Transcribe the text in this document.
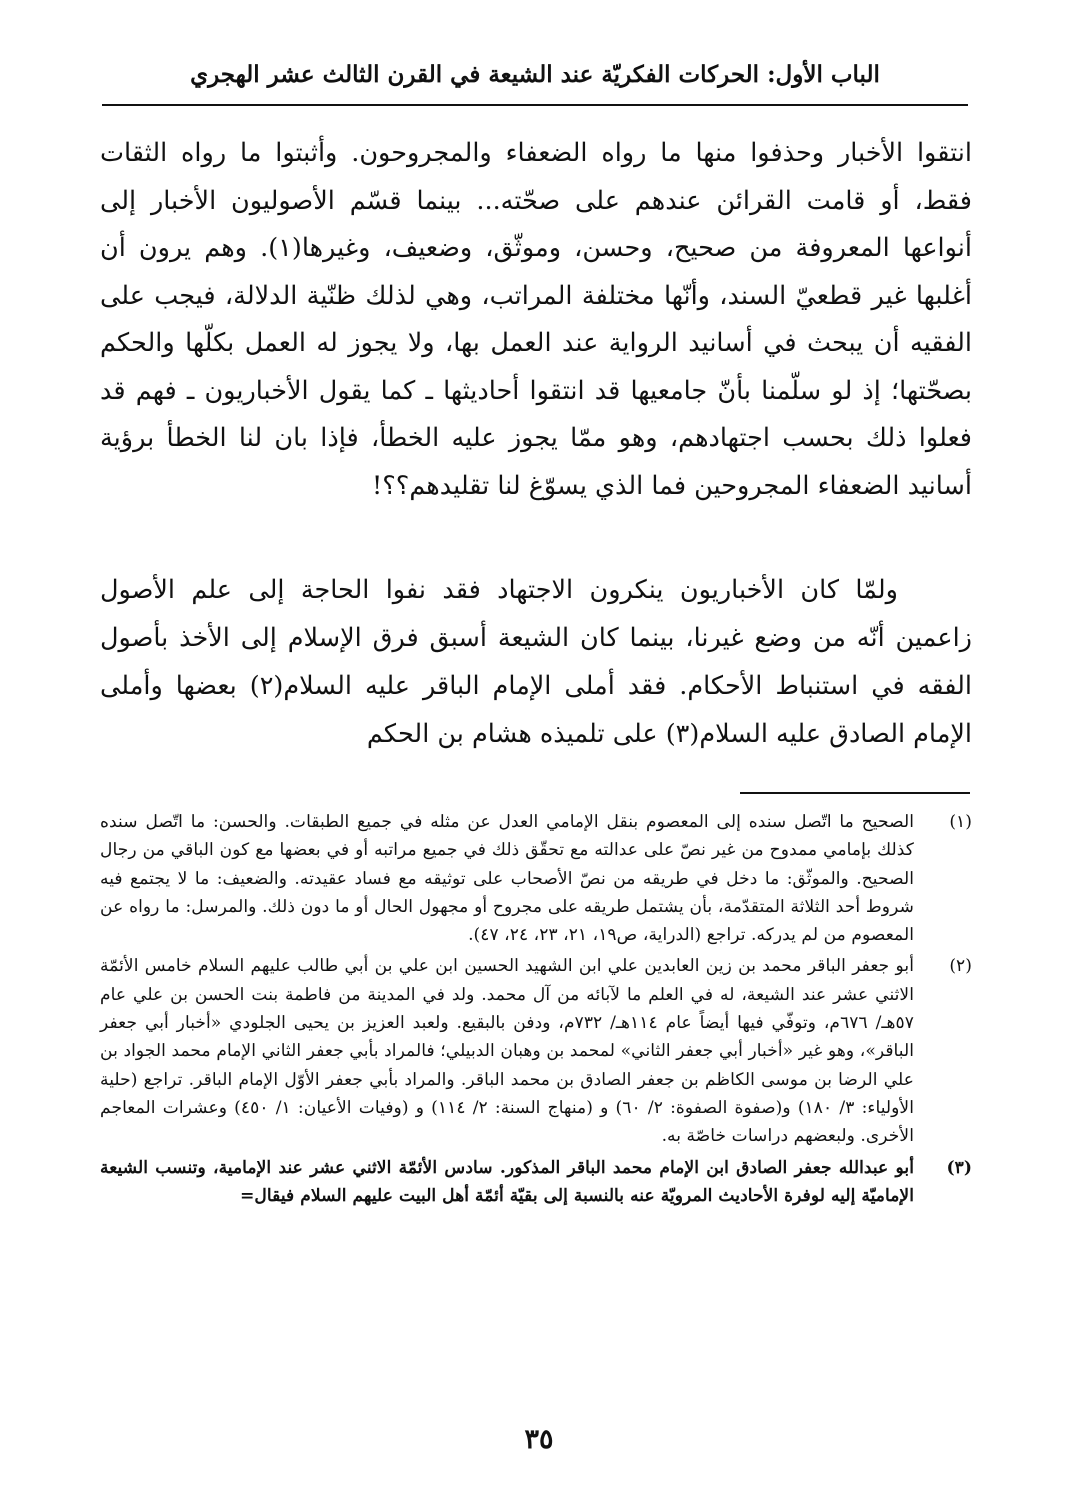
الباب الأول: الحركات الفكريّة عند الشيعة في القرن الثالث عشر الهجري

انتقوا الأخبار وحذفوا منها ما رواه الضعفاء والمجروحون. وأثبتوا ما رواه الثقات فقط، أو قامت القرائن عندهم على صحّته... بينما قسّم الأصوليون الأخبار إلى أنواعها المعروفة من صحيح، وحسن، وموثّق، وضعيف، وغيرها(١). وهم يرون أن أغلبها غير قطعيّ السند، وأنّها مختلفة المراتب، وهي لذلك ظنّية الدلالة، فيجب على الفقيه أن يبحث في أسانيد الرواية عند العمل بها، ولا يجوز له العمل بكلّها والحكم بصحّتها؛ إذ لو سلّمنا بأنّ جامعيها قد انتقوا أحاديثها ـ كما يقول الأخباريون ـ فهم قد فعلوا ذلك بحسب اجتهادهم، وهو ممّا يجوز عليه الخطأ، فإذا بان لنا الخطأ برؤية أسانيد الضعفاء المجروحين فما الذي يسوّغ لنا تقليدهم؟؟!

ولمّا كان الأخباريون ينكرون الاجتهاد فقد نفوا الحاجة إلى علم الأصول زاعمين أنّه من وضع غيرنا، بينما كان الشيعة أسبق فرق الإسلام إلى الأخذ بأصول الفقه في استنباط الأحكام. فقد أملى الإمام الباقر عليه السلام(٢) بعضها وأملى الإمام الصادق عليه السلام(٣) على تلميذه هشام بن الحكم

(١)
الصحيح ما اتّصل سنده إلى المعصوم بنقل الإمامي العدل عن مثله في جميع الطبقات. والحسن: ما اتّصل سنده كذلك بإمامي ممدوح من غير نصّ على عدالته مع تحقّق ذلك في جميع مراتبه أو في بعضها مع كون الباقي من رجال الصحيح. والموثّق: ما دخل في طريقه من نصّ الأصحاب على توثيقه مع فساد عقيدته. والضعيف: ما لا يجتمع فيه شروط أحد الثلاثة المتقدّمة، بأن يشتمل طريقه على مجروح أو مجهول الحال أو ما دون ذلك. والمرسل: ما رواه عن المعصوم من لم يدركه. تراجع (الدراية، ص١٩، ٢١، ٢٣، ٢٤، ٤٧).
(٢)
أبو جعفر الباقر محمد بن زين العابدين علي ابن الشهيد الحسين ابن علي بن أبي طالب عليهم السلام خامس الأئمّة الاثني عشر عند الشيعة، له في العلم ما لآبائه من آل محمد. ولد في المدينة من فاطمة بنت الحسن بن علي عام ٥٧هـ/ ٦٧٦م، وتوفّي فيها أيضاً عام ١١٤هـ/ ٧٣٢م، ودفن بالبقيع. ولعبد العزيز بن يحيى الجلودي «أخبار أبي جعفر الباقر»، وهو غير «أخبار أبي جعفر الثاني» لمحمد بن وهبان الدبيلي؛ فالمراد بأبي جعفر الثاني الإمام محمد الجواد بن علي الرضا بن موسى الكاظم بن جعفر الصادق بن محمد الباقر. والمراد بأبي جعفر الأوّل الإمام الباقر. تراجع (حلية الأولياء: ٣/ ١٨٠) و(صفوة الصفوة: ٢/ ٦٠) و (منهاج السنة: ٢/ ١١٤) و (وفيات الأعيان: ١/ ٤٥٠) وعشرات المعاجم الأخرى. ولبعضهم دراسات خاصّة به.
(٣)
أبو عبدالله جعفر الصادق ابن الإمام محمد الباقر المذكور. سادس الأئمّة الاثني عشر عند الإمامية، وتنسب الشيعة الإماميّة إليه لوفرة الأحاديث المرويّة عنه بالنسبة إلى بقيّة أئمّة أهل البيت عليهم السلام فيقال=
٣٥
